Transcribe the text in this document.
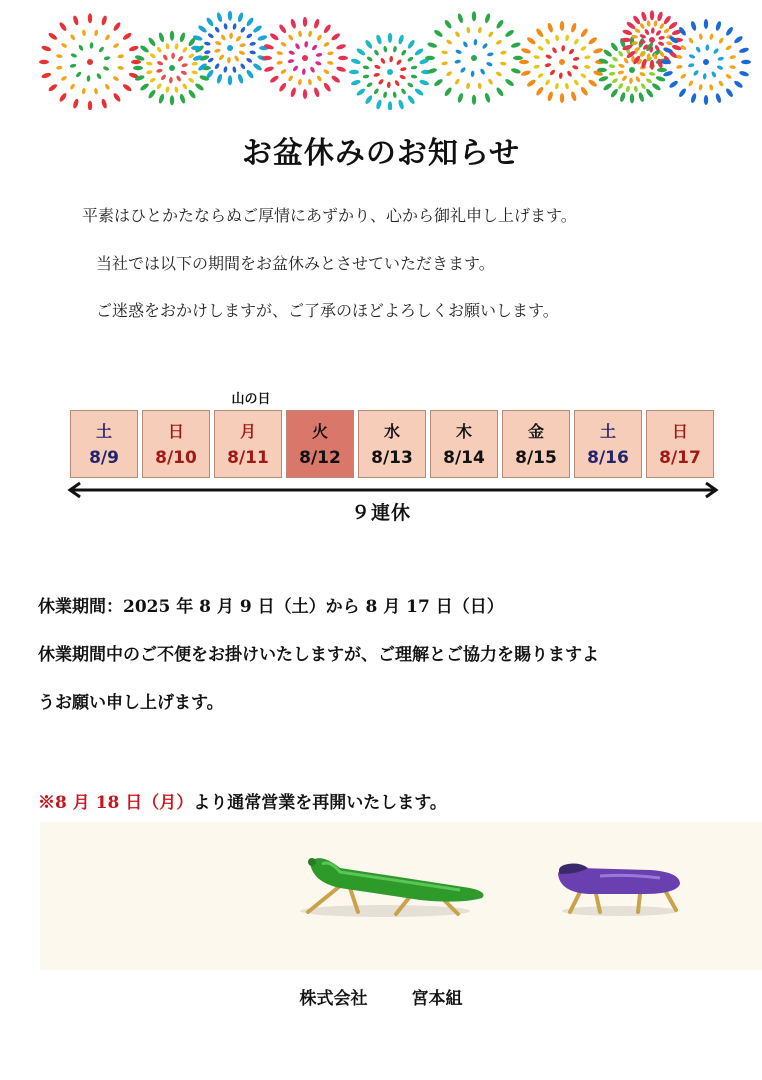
お盆休みのお知らせ
平素はひとかたならぬご厚情にあずかり、心から御礼申し上げます。
当社では以下の期間をお盆休みとさせていただきます。
ご迷惑をおかけしますが、ご了承のほどよろしくお願いします。
山の日
土
8/9
日
8/10
月
8/11
火
8/12
水
8/13
木
8/14
金
8/15
土
8/16
日
8/17
９連休
休業期間：2025 年 8 月 9 日（土）から 8 月 17 日（日）
休業期間中のご不便をお掛けいたしますが、ご理解とご協力を賜りますよ
うお願い申し上げます。
※8 月 18 日（月）より通常営業を再開いたします。
株式会社	宮本組
